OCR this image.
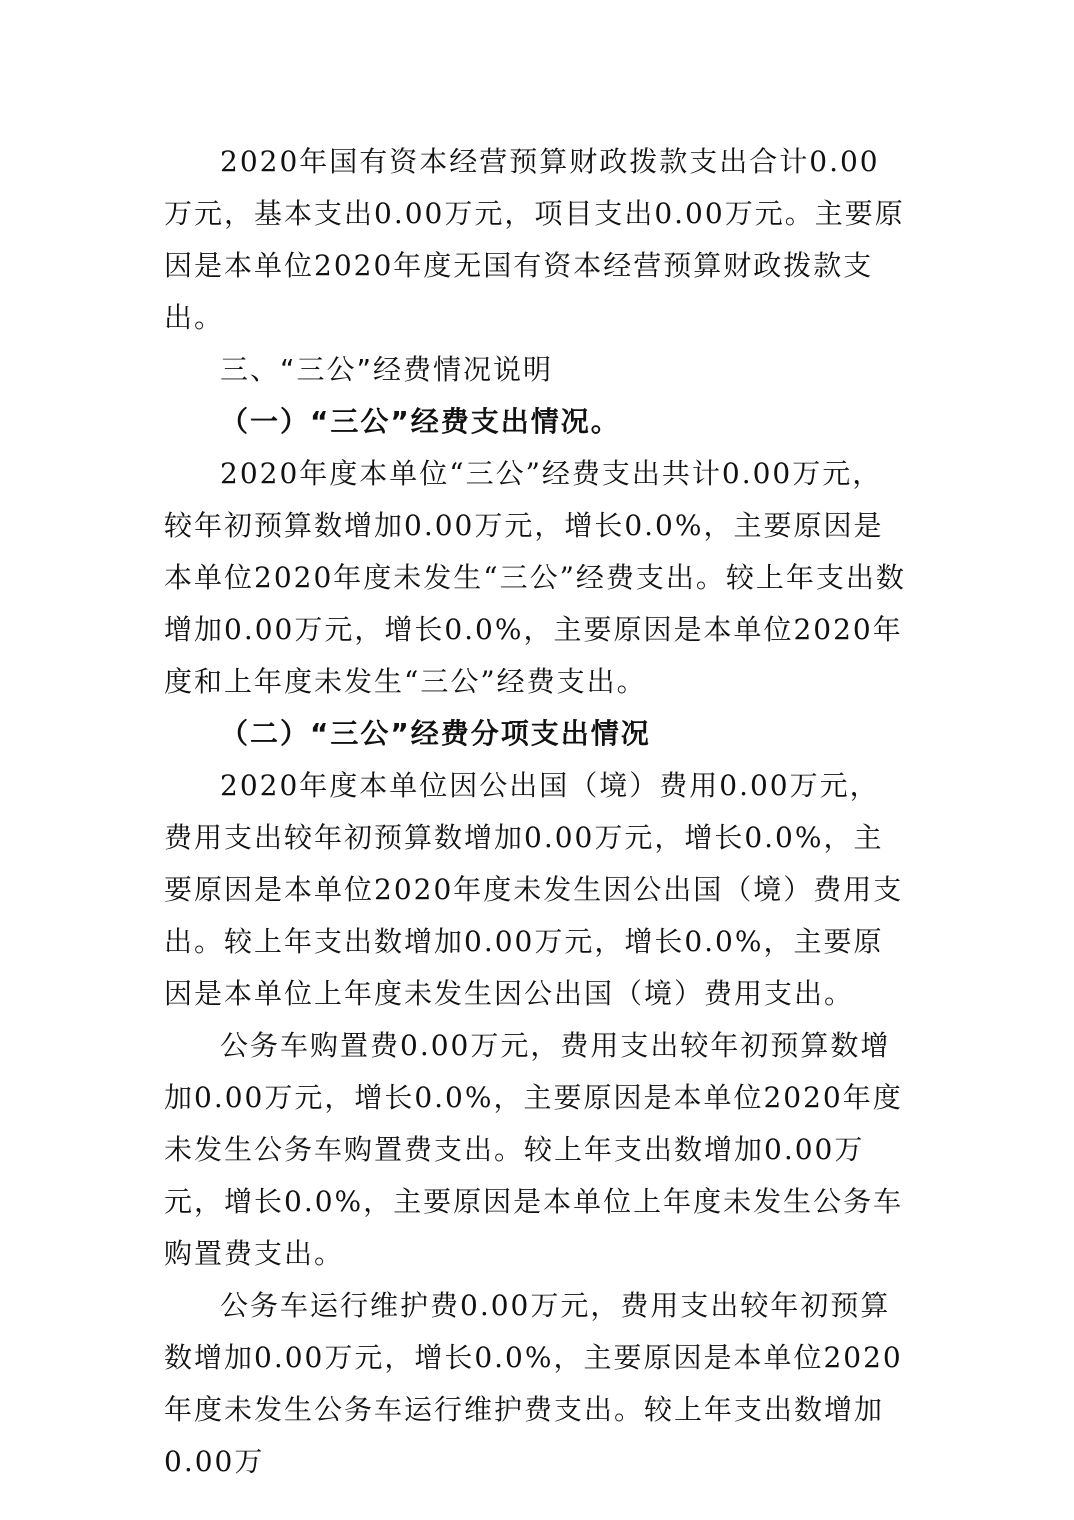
2020年国有资本经营预算财政拨款支出合计0.00万元，基本支出0.00万元，项目支出0.00万元。主要原因是本单位2020年度无国有资本经营预算财政拨款支出。

三、“三公”经费情况说明

（一）“三公”经费支出情况。

2020年度本单位“三公”经费支出共计0.00万元，较年初预算数增加0.00万元，增长0.0%，主要原因是本单位2020年度未发生“三公”经费支出。较上年支出数增加0.00万元，增长0.0%，主要原因是本单位2020年度和上年度未发生“三公”经费支出。

（二）“三公”经费分项支出情况

2020年度本单位因公出国（境）费用0.00万元，费用支出较年初预算数增加0.00万元，增长0.0%，主要原因是本单位2020年度未发生因公出国（境）费用支出。较上年支出数增加0.00万元，增长0.0%，主要原因是本单位上年度未发生因公出国（境）费用支出。

公务车购置费0.00万元，费用支出较年初预算数增加0.00万元，增长0.0%，主要原因是本单位2020年度未发生公务车购置费支出。较上年支出数增加0.00万元，增长0.0%，主要原因是本单位上年度未发生公务车购置费支出。

公务车运行维护费0.00万元，费用支出较年初预算数增加0.00万元，增长0.0%，主要原因是本单位2020年度未发生公务车运行维护费支出。较上年支出数增加0.00万
